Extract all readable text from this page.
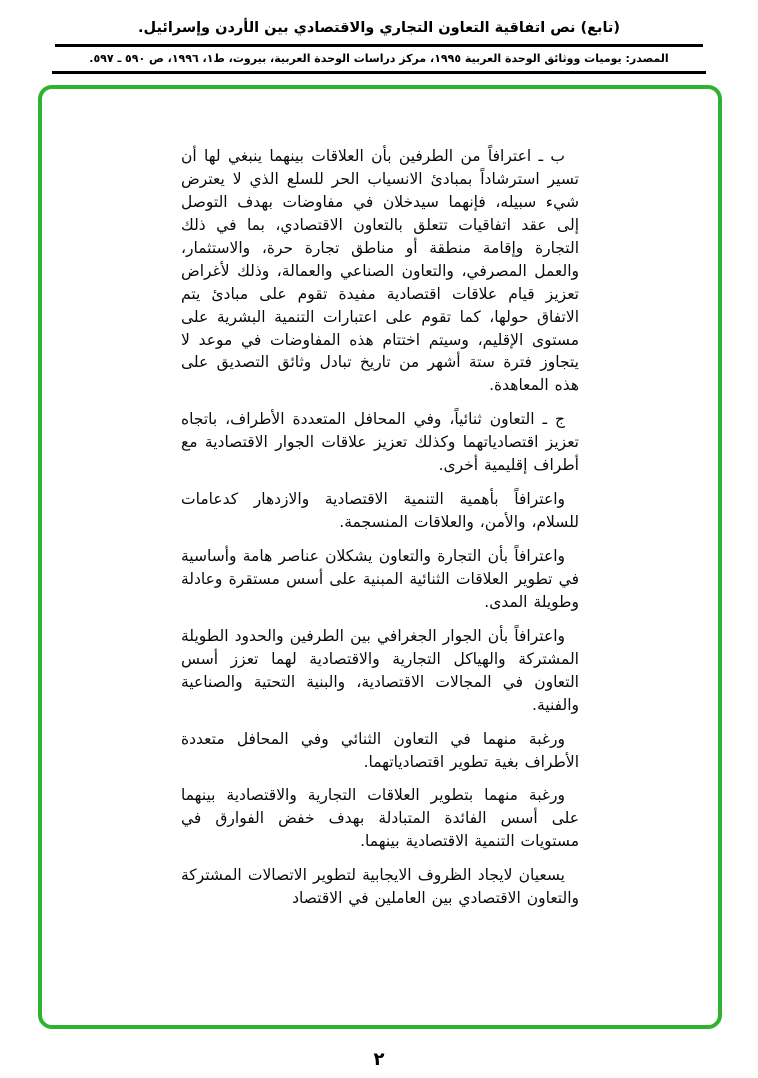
(تابع) نص اتفاقية التعاون التجاري والاقتصادي بين الأردن وإسرائيل.
المصدر: يوميات ووثائق الوحدة العربية ١٩٩٥، مركز دراسات الوحدة العربية، بيروت، ط١، ١٩٩٦، ص ٥٩٠ ـ ٥٩٧.

ب ـ اعترافاً من الطرفين بأن العلاقات بينهما ينبغي لها أن تسير استرشاداً بمبادئ الانسياب الحر للسلع الذي لا يعترض شيء سبيله، فإنهما سيدخلان في مفاوضات بهدف التوصل إلى عقد اتفاقيات تتعلق بالتعاون الاقتصادي، بما في ذلك التجارة وإقامة منطقة أو مناطق تجارة حرة، والاستثمار، والعمل المصرفي، والتعاون الصناعي والعمالة، وذلك لأغراض تعزيز قيام علاقات اقتصادية مفيدة تقوم على مبادئ يتم الاتفاق حولها، كما تقوم على اعتبارات التنمية البشرية على مستوى الإقليم، وسيتم اختتام هذه المفاوضات في موعد لا يتجاوز فترة ستة أشهر من تاريخ تبادل وثائق التصديق على هذه المعاهدة.

ج ـ التعاون ثنائياً، وفي المحافل المتعددة الأطراف، باتجاه تعزيز اقتصادياتهما وكذلك تعزيز علاقات الجوار الاقتصادية مع أطراف إقليمية أخرى.

واعترافاً بأهمية التنمية الاقتصادية والازدهار كدعامات للسلام، والأمن، والعلاقات المنسجمة.

واعترافاً بأن التجارة والتعاون يشكلان عناصر هامة وأساسية في تطوير العلاقات الثنائية المبنية على أسس مستقرة وعادلة وطويلة المدى.

واعترافاً بأن الجوار الجغرافي بين الطرفين والحدود الطويلة المشتركة والهياكل التجارية والاقتصادية لهما تعزز أسس التعاون في المجالات الاقتصادية، والبنية التحتية والصناعية والفنية.

ورغبة منهما في التعاون الثنائي وفي المحافل متعددة الأطراف بغية تطوير اقتصادياتهما.

ورغبة منهما بتطوير العلاقات التجارية والاقتصادية بينهما على أسس الفائدة المتبادلة بهدف خفض الفوارق في مستويات التنمية الاقتصادية بينهما.

يسعيان لايجاد الظروف الايجابية لتطوير الاتصالات المشتركة والتعاون الاقتصادي بين العاملين في الاقتصاد

٢
